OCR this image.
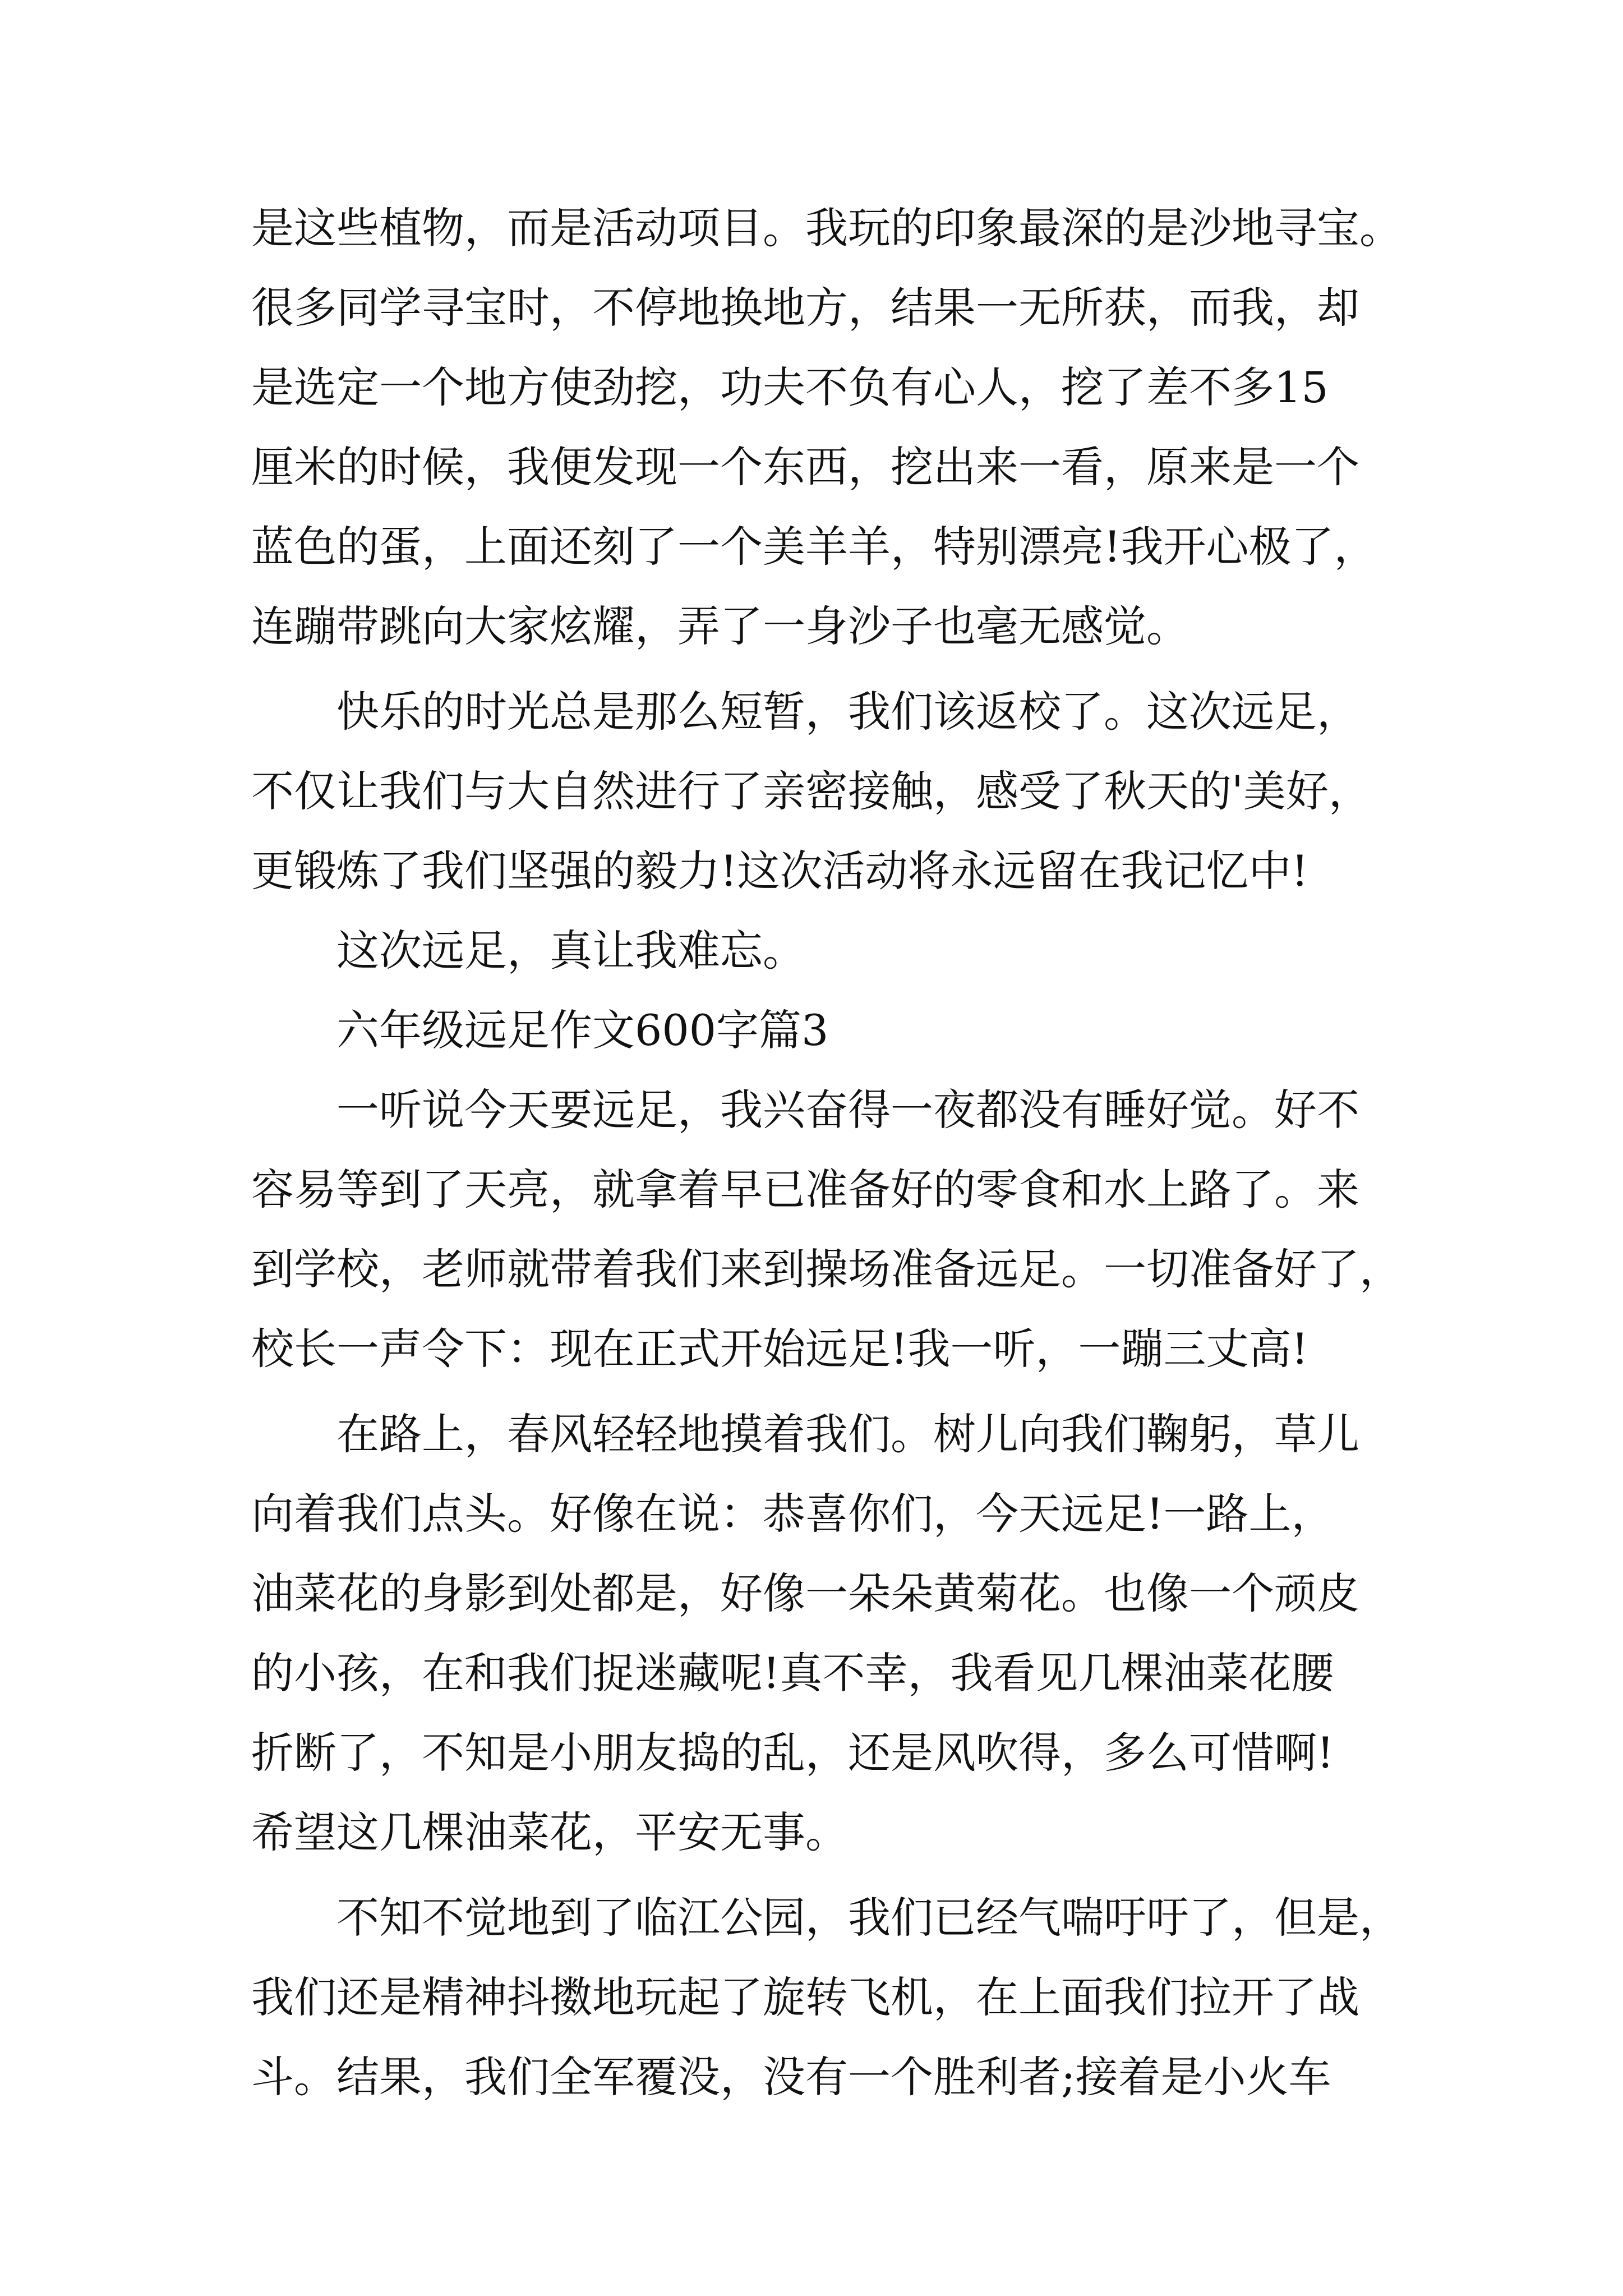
是这些植物，而是活动项目。我玩的印象最深的是沙地寻宝。
很多同学寻宝时，不停地换地方，结果一无所获，而我，却
是选定一个地方使劲挖，功夫不负有心人，挖了差不多15
厘米的时候，我便发现一个东西，挖出来一看，原来是一个
蓝色的蛋，上面还刻了一个美羊羊，特别漂亮!我开心极了，
连蹦带跳向大家炫耀，弄了一身沙子也毫无感觉。
快乐的时光总是那么短暂，我们该返校了。这次远足，
不仅让我们与大自然进行了亲密接触，感受了秋天的'美好，
更锻炼了我们坚强的毅力!这次活动将永远留在我记忆中!
这次远足，真让我难忘。
六年级远足作文600字篇3
一听说今天要远足，我兴奋得一夜都没有睡好觉。好不
容易等到了天亮，就拿着早已准备好的零食和水上路了。来
到学校，老师就带着我们来到操场准备远足。一切准备好了，
校长一声令下：现在正式开始远足!我一听，一蹦三丈高!
在路上，春风轻轻地摸着我们。树儿向我们鞠躬，草儿
向着我们点头。好像在说：恭喜你们，今天远足!一路上，
油菜花的身影到处都是，好像一朵朵黄菊花。也像一个顽皮
的小孩，在和我们捉迷藏呢!真不幸，我看见几棵油菜花腰
折断了，不知是小朋友捣的乱，还是风吹得，多么可惜啊!
希望这几棵油菜花，平安无事。
不知不觉地到了临江公园，我们已经气喘吁吁了，但是，
我们还是精神抖擞地玩起了旋转飞机，在上面我们拉开了战
斗。结果，我们全军覆没，没有一个胜利者;接着是小火车
